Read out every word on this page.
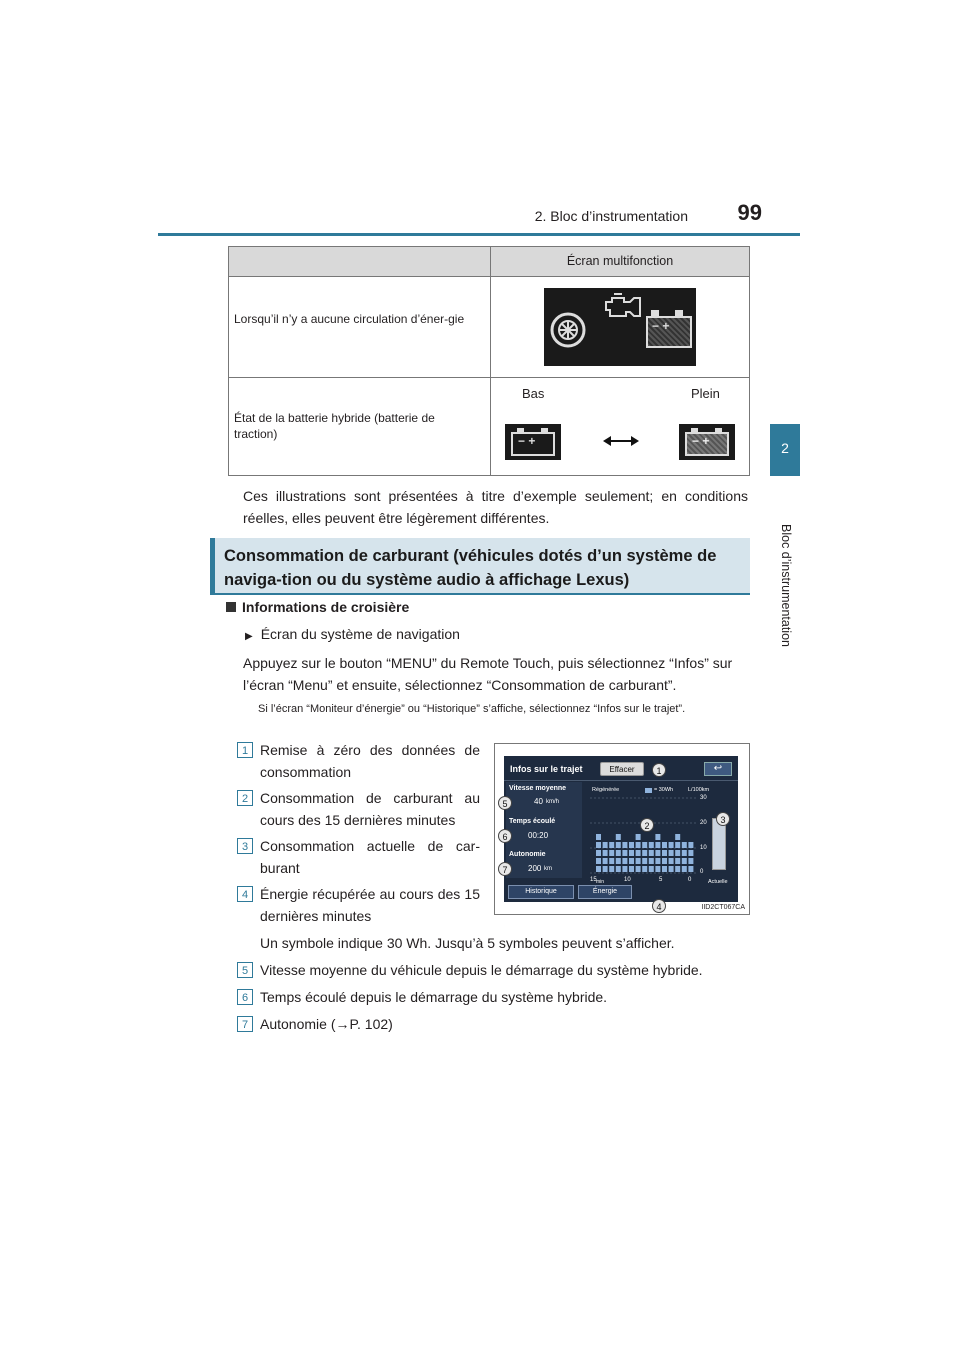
2. Bloc d’instrumentation	99
2
Bloc d’instrumentation
Écran multifonction
Lorsqu’il n’y a aucune circulation d’éner-gie	− +
État de la batterie hybride (batterie de traction)
Bas	Plein
− +	− +
Ces illustrations sont présentées à titre d’exemple seulement; en conditions réelles, elles peuvent être légèrement différentes.
Consommation de carburant (véhicules dotés d’un système de naviga-tion ou du système audio à affichage Lexus)
Informations de croisière
▶ Écran du système de navigation
Appuyez sur le bouton “MENU” du Remote Touch, puis sélectionnez “Infos” sur l’écran “Menu” et ensuite, sélectionnez “Consommation de carburant”.
Si l’écran “Moniteur d’énergie” ou “Historique” s’affiche, sélectionnez “Infos sur le trajet”.
1 Remise à zéro des données de consommation
2 Consommation de carburant au cours des 15 dernières minutes
3 Consommation actuelle de car-burant
4 Énergie récupérée au cours des 15 dernières minutes
Un symbole indique 30 Wh. Jusqu’à 5 symboles peuvent s’afficher.
5 Vitesse moyenne du véhicule depuis le démarrage du système hybride.
6 Temps écoulé depuis le démarrage du système hybride.
7 Autonomie (→P. 102)
Infos sur le trajet	Effacer	↩
Vitesse moyenne
40 km/h
Temps écoulé
00:20
Autonomie
200 km
Régénérée	= 30Wh	L/100km
30
20
10
0
15 min	10	5	0	Actuelle
Historique	Énergie
1
2
3
4
5
6
7
IID2CT067CA
